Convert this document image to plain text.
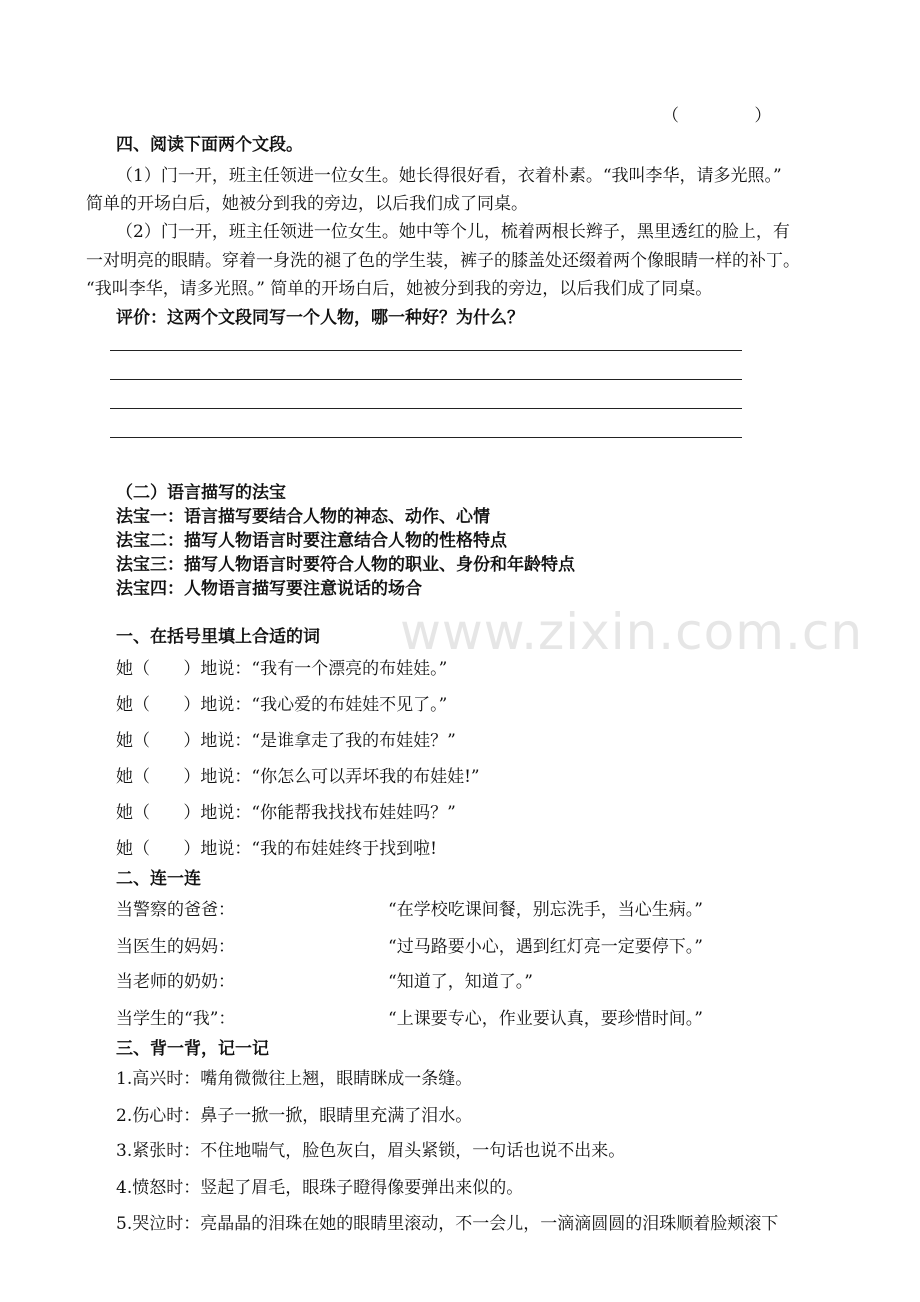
（ ）
四、阅读下面两个文段。
（1）门一开，班主任领进一位女生。她长得很好看，衣着朴素。“我叫李华，请多光照。”
简单的开场白后，她被分到我的旁边，以后我们成了同桌。
（2）门一开，班主任领进一位女生。她中等个儿，梳着两根长辫子，黑里透红的脸上，有
一对明亮的眼睛。穿着一身洗的褪了色的学生装，裤子的膝盖处还缀着两个像眼睛一样的补丁。
“我叫李华，请多光照。” 简单的开场白后，她被分到我的旁边，以后我们成了同桌。
评价：这两个文段同写一个人物，哪一种好？为什么？
（二）语言描写的法宝
法宝一：语言描写要结合人物的神态、动作、心情
法宝二：描写人物语言时要注意结合人物的性格特点
法宝三：描写人物语言时要符合人物的职业、身份和年龄特点
法宝四：人物语言描写要注意说话的场合
www.zixin.com.cn
一、在括号里填上合适的词
她（ ）地说：“我有一个漂亮的布娃娃。”
她（ ）地说：“我心爱的布娃娃不见了。”
她（ ）地说：“是谁拿走了我的布娃娃？”
她（ ）地说：“你怎么可以弄坏我的布娃娃!”
她（ ）地说：“你能帮我找找布娃娃吗？”
她（ ）地说：“我的布娃娃终于找到啦!
二、连一连
当警察的爸爸：	“在学校吃课间餐，别忘洗手，当心生病。”
当医生的妈妈：	“过马路要小心，遇到红灯亮一定要停下。”
当老师的奶奶：	“知道了，知道了。”
当学生的“我”：	“上课要专心，作业要认真，要珍惜时间。”
三、背一背，记一记
1.高兴时：嘴角微微往上翘，眼睛眯成一条缝。
2.伤心时：鼻子一掀一掀，眼睛里充满了泪水。
3.紧张时：不住地喘气，脸色灰白，眉头紧锁，一句话也说不出来。
4.愤怒时：竖起了眉毛，眼珠子瞪得像要弹出来似的。
5.哭泣时：亮晶晶的泪珠在她的眼睛里滚动，不一会儿，一滴滴圆圆的泪珠顺着脸颊滚下
